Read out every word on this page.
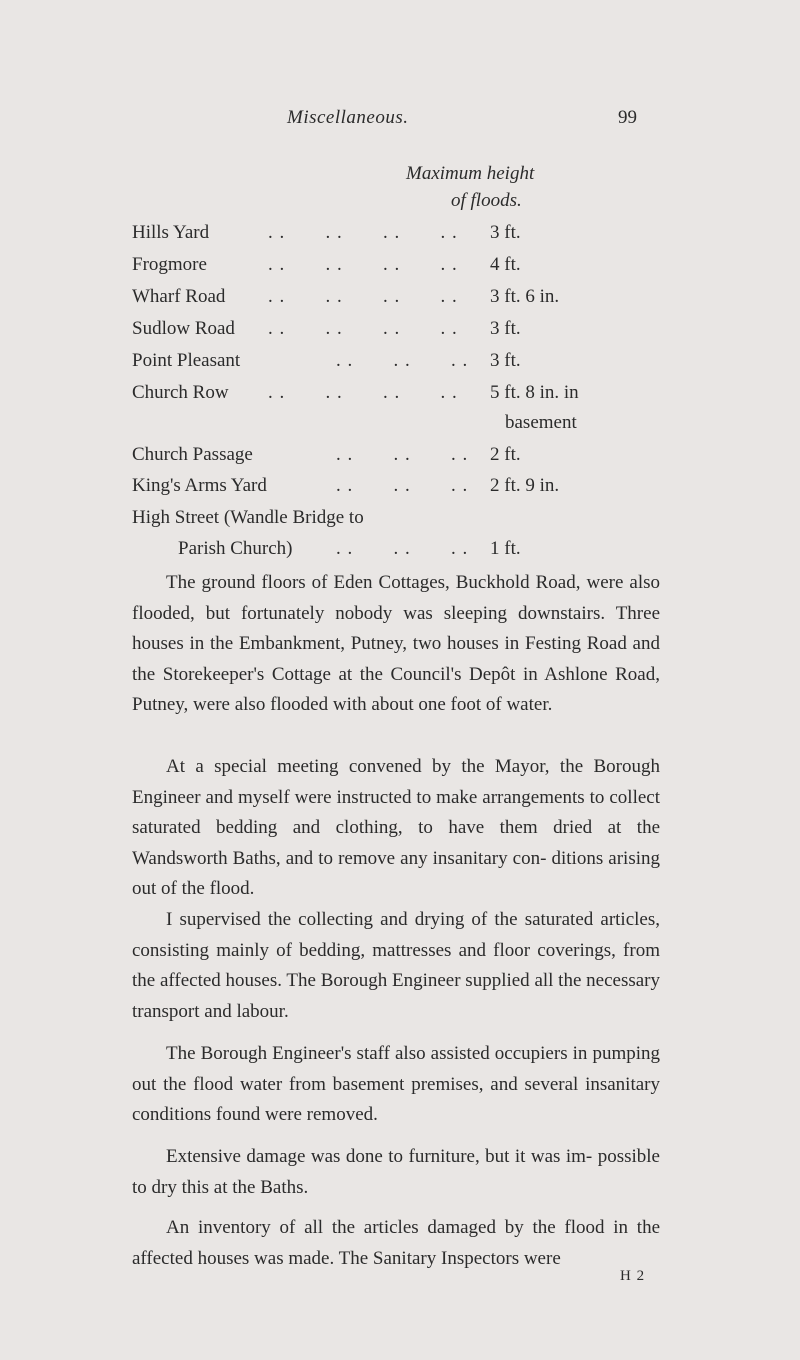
Miscellaneous.	99
Maximum height
of floods.
Hills Yard	. .       . .       . .       . . 3 ft.
Frogmore	. .       . .       . .       . . 4 ft.
Wharf Road . .       . .       . .       . . 3 ft. 6 in.
Sudlow Road . .       . .       . .       . . 3 ft.
Point Pleasant	. .       . .       . . 3 ft.
Church Row . .       . .       . .       . . 5 ft. 8 in. in
basement
Church Passage	. .       . .       . . 2 ft.
King's Arms Yard	. .       . .       . . 2 ft. 9 in.
High Street (Wandle Bridge to
Parish Church) . .       . .       . . 1 ft.

The ground floors of Eden Cottages, Buckhold Road, were also flooded, but fortunately nobody was sleeping downstairs. Three houses in the Embankment, Putney, two houses in Festing Road and the Storekeeper's Cottage at the Council's Depôt in Ashlone Road, Putney, were also flooded with about one foot of water.

At a special meeting convened by the Mayor, the Borough Engineer and myself were instructed to make arrangements to collect saturated bedding and clothing, to have them dried at the Wandsworth Baths, and to remove any insanitary con- ditions arising out of the flood.

I supervised the collecting and drying of the saturated articles, consisting mainly of bedding, mattresses and floor coverings, from the affected houses. The Borough Engineer supplied all the necessary transport and labour.

The Borough Engineer's staff also assisted occupiers in pumping out the flood water from basement premises, and several insanitary conditions found were removed.

Extensive damage was done to furniture, but it was im- possible to dry this at the Baths.

An inventory of all the articles damaged by the flood in the affected houses was made. The Sanitary Inspectors were

H 2
